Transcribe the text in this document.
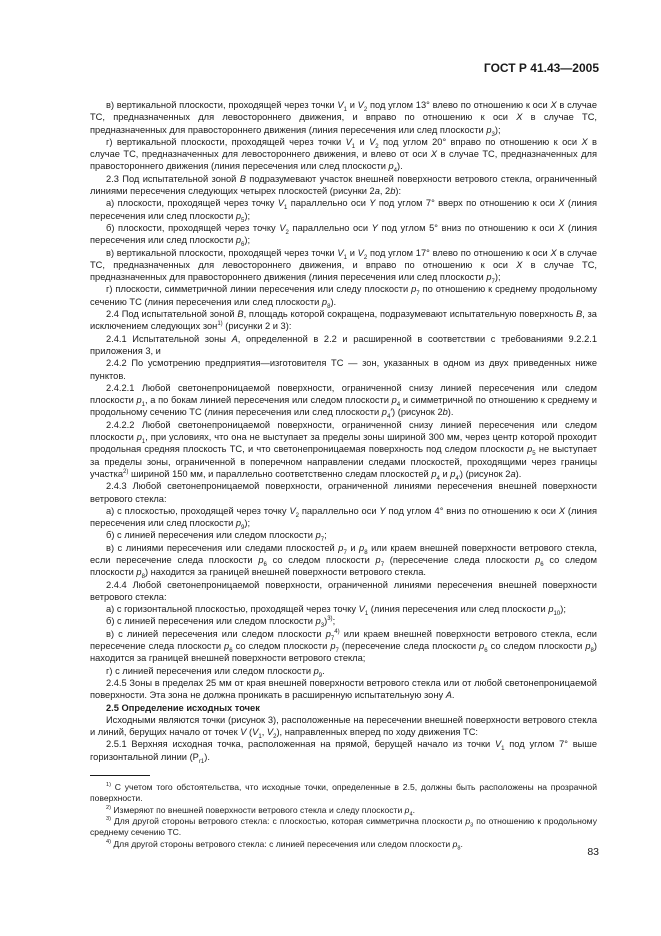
ГОСТ Р 41.43—2005

в) вертикальной плоскости, проходящей через точки $V_1$ и $V_2$ под углом 13° влево по отношению к оси X в случае ТС, предназначенных для левостороннего движения, и вправо по отношению к оси X в случае ТС, предназначенных для правостороннего движения (линия пересечения или след плоскости $p_3$);

г) вертикальной плоскости, проходящей через точки $V_1$ и $V_2$ под углом 20° вправо по отношению к оси X в случае ТС, предназначенных для левостороннего движения, и влево от оси X в случае ТС, предназначенных для правостороннего движения (линия пересечения или след плоскости $p_4$).

2.3 Под испытательной зоной B подразумевают участок внешней поверхности ветрового стекла, ограниченный линиями пересечения следующих четырех плоскостей (рисунки 2a, 2b):

а) плоскости, проходящей через точку $V_1$ параллельно оси Y под углом 7° вверх по отношению к оси X (линия пересечения или след плоскости $p_5$);

б) плоскости, проходящей через точку $V_2$ параллельно оси Y под углом 5° вниз по отношению к оси X (линия пересечения или след плоскости $p_6$);

в) вертикальной плоскости, проходящей через точки $V_1$ и $V_2$ под углом 17° влево по отношению к оси X в случае ТС, предназначенных для левостороннего движения, и вправо по отношению к оси X в случае ТС, предназначенных для правостороннего движения (линия пересечения или след плоскости $p_7$);

г) плоскости, симметричной линии пересечения или следу плоскости $p_7$ по отношению к среднему продольному сечению ТС (линия пересечения или след плоскости $p_8$).

2.4 Под испытательной зоной B, площадь которой сокращена, подразумевают испытательную поверхность B, за исключением следующих зон$^{1)}$ (рисунки 2 и 3):

2.4.1 Испытательной зоны A, определенной в 2.2 и расширенной в соответствии с требованиями 9.2.2.1 приложения 3, и

2.4.2 По усмотрению предприятия—изготовителя ТС — зон, указанных в одном из двух приведенных ниже пунктов.

2.4.2.1 Любой светонепроницаемой поверхности, ограниченной снизу линией пересечения или следом плоскости $p_1$, а по бокам линией пересечения или следом плоскости $p_4$ и симметричной по отношению к среднему и продольному сечению ТС (линия пересечения или след плоскости $p_4'$) (рисунок 2b).

2.4.2.2 Любой светонепроницаемой поверхности, ограниченной снизу линией пересечения или следом плоскости $p_1$, при условиях, что она не выступает за пределы зоны шириной 300 мм, через центр которой проходит продольная средняя плоскость ТС, и что светонепроницаемая поверхность под следом плоскости $p_5$ не выступает за пределы зоны, ограниченной в поперечном направлении следами плоскостей, проходящими через границы участка$^{2)}$ шириной 150 мм, и параллельно соответственно следам плоскостей $p_4$ и $p_{4'}$) (рисунок 2a).

2.4.3 Любой светонепроницаемой поверхности, ограниченной линиями пересечения внешней поверхности ветрового стекла:

а) с плоскостью, проходящей через точку $V_2$ параллельно оси Y под углом 4° вниз по отношению к оси X (линия пересечения или след плоскости $p_9$);

б) с линией пересечения или следом плоскости $p_7$;

в) с линиями пересечения или следами плоскостей $p_7$ и $p_8$ или краем внешней поверхности ветрового стекла, если пересечение следа плоскости $p_6$ со следом плоскости $p_7$ (пересечение следа плоскости $p_6$ со следом плоскости $p_8$) находится за границей внешней поверхности ветрового стекла.

2.4.4 Любой светонепроницаемой поверхности, ограниченной линиями пересечения внешней поверхности ветрового стекла:

а) с горизонтальной плоскостью, проходящей через точку $V_1$ (линия пересечения или след плоскости $p_{10}$);

б) с линией пересечения или следом плоскости $p_3)^{3)}$;

в) с линией пересечения или следом плоскости $p_7^{4)}$ или краем внешней поверхности ветрового стекла, если пересечение следа плоскости $p_6$ со следом плоскости $p_7$ (пересечение следа плоскости $p_6$ со следом плоскости $p_8$) находится за границей внешней поверхности ветрового стекла;

г) с линией пересечения или следом плоскости $p_9$.

2.4.5 Зоны в пределах 25 мм от края внешней поверхности ветрового стекла или от любой светонепроницаемой поверхности. Эта зона не должна проникать в расширенную испытательную зону A.

2.5 Определение исходных точек

Исходными являются точки (рисунок 3), расположенные на пересечении внешней поверхности ветрового стекла и линий, берущих начало от точек V ($V_1$, $V_2$), направленных вперед по ходу движения ТС:

2.5.1 Верхняя исходная точка, расположенная на прямой, берущей начало из точки $V_1$ под углом 7° выше горизонтальной линии $(P_{r1})$.

$^{1)}$ С учетом того обстоятельства, что исходные точки, определенные в 2.5, должны быть расположены на прозрачной поверхности.

$^{2)}$ Измеряют по внешней поверхности ветрового стекла и следу плоскости $p_4$.

$^{3)}$ Для другой стороны ветрового стекла: с плоскостью, которая симметрична плоскости $p_3$ по отношению к продольному среднему сечению ТС.

$^{4)}$ Для другой стороны ветрового стекла: с линией пересечения или следом плоскости $p_8$.

83
